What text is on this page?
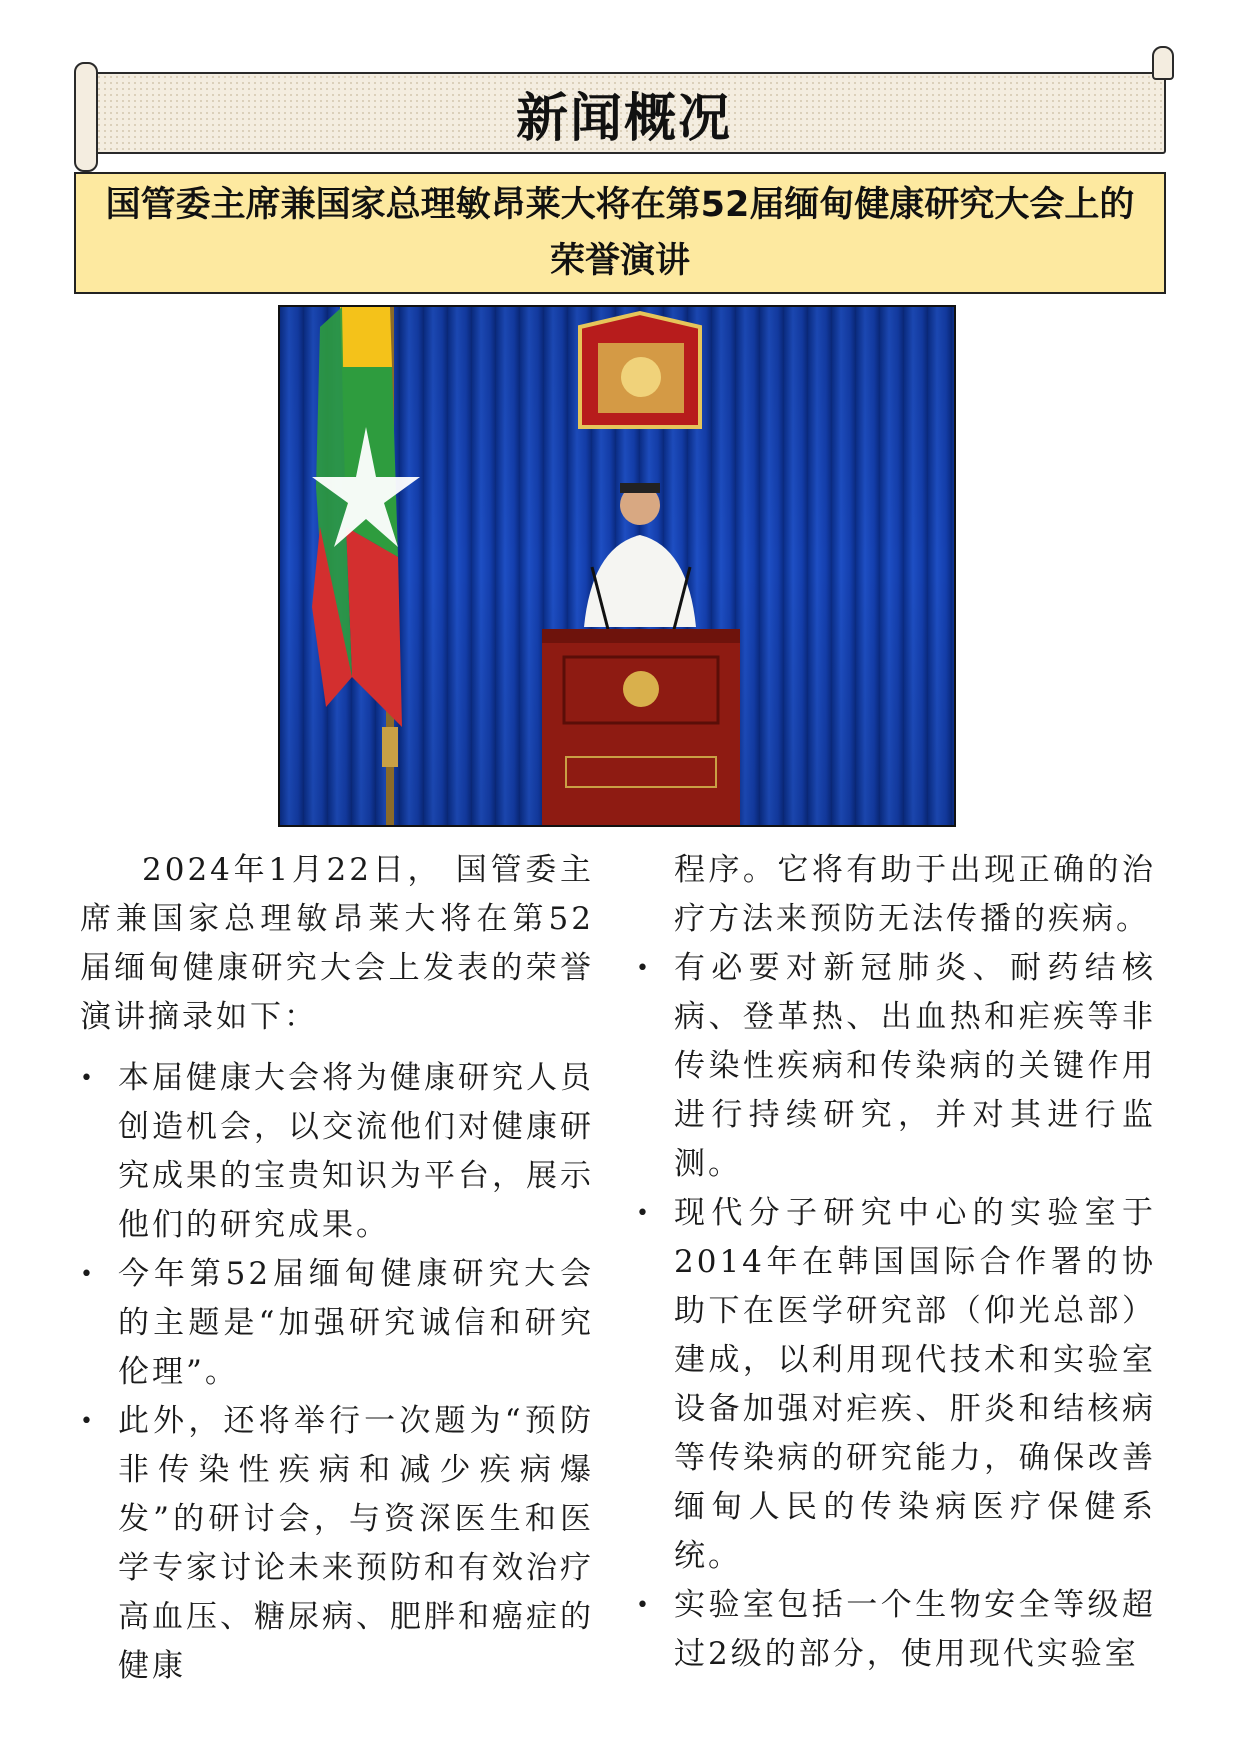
新闻概况
国管委主席兼国家总理敏昂莱大将在第52届缅甸健康研究大会上的荣誉演讲

2024年1月22日， 国管委主席兼国家总理敏昂莱大将在第52届缅甸健康研究大会上发表的荣誉演讲摘录如下：

• 本届健康大会将为健康研究人员创造机会，以交流他们对健康研究成果的宝贵知识为平台，展示他们的研究成果。
• 今年第52届缅甸健康研究大会的主题是“加强研究诚信和研究伦理”。
• 此外，还将举行一次题为“预防非传染性疾病和减少疾病爆发”的研讨会，与资深医生和医学专家讨论未来预防和有效治疗高血压、糖尿病、肥胖和癌症的健康

程序。它将有助于出现正确的治疗方法来预防无法传播的疾病。

• 有必要对新冠肺炎、耐药结核病、登革热、出血热和疟疾等非传染性疾病和传染病的关键作用进行持续研究，并对其进行监测。
• 现代分子研究中心的实验室于2014年在韩国国际合作署的协助下在医学研究部（仰光总部）建成，以利用现代技术和实验室设备加强对疟疾、肝炎和结核病等传染病的研究能力，确保改善缅甸人民的传染病医疗保健系统。
• 实验室包括一个生物安全等级超过2级的部分，使用现代实验室
